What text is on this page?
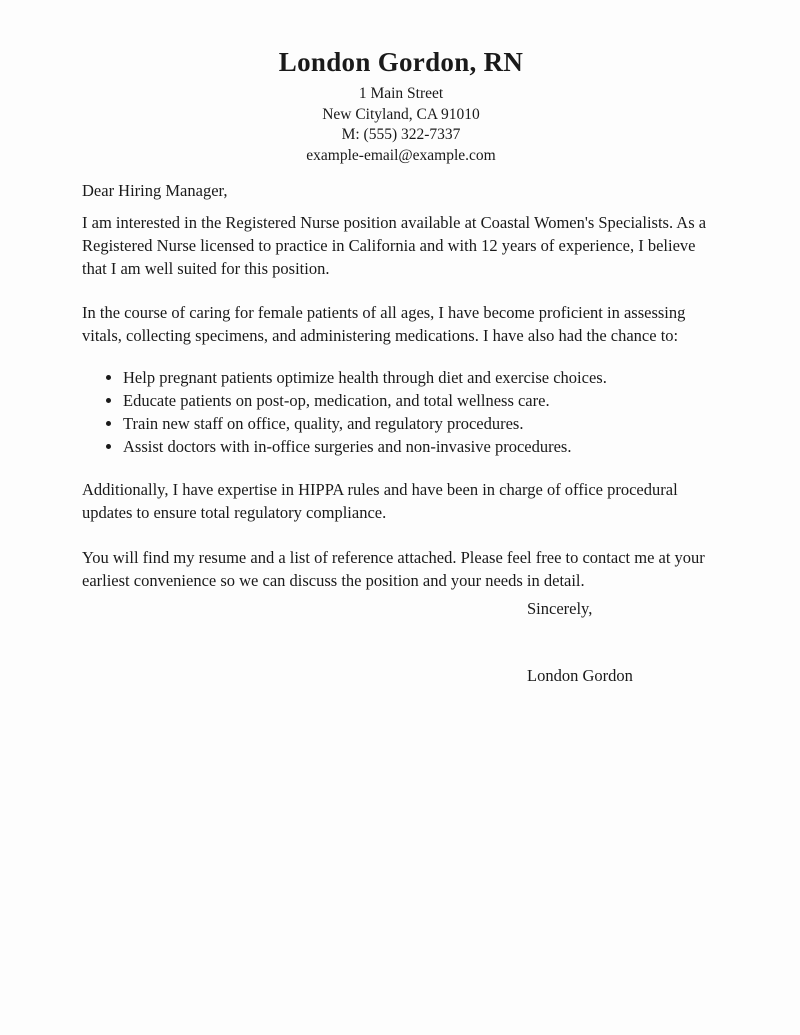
London Gordon, RN

1 Main Street

New Cityland, CA 91010

M: (555) 322-7337

example-email@example.com

Dear Hiring Manager,

I am interested in the Registered Nurse position available at Coastal Women's Specialists. As a Registered Nurse licensed to practice in California and with 12 years of experience, I believe that I am well suited for this position.

In the course of caring for female patients of all ages, I have become proficient in assessing vitals, collecting specimens, and administering medications. I have also had the chance to:

• Help pregnant patients optimize health through diet and exercise choices.
• Educate patients on post-op, medication, and total wellness care.
• Train new staff on office, quality, and regulatory procedures.
• Assist doctors with in-office surgeries and non-invasive procedures.

Additionally, I have expertise in HIPPA rules and have been in charge of office procedural updates to ensure total regulatory compliance.

You will find my resume and a list of reference attached. Please feel free to contact me at your earliest convenience so we can discuss the position and your needs in detail.

Sincerely,

London Gordon
